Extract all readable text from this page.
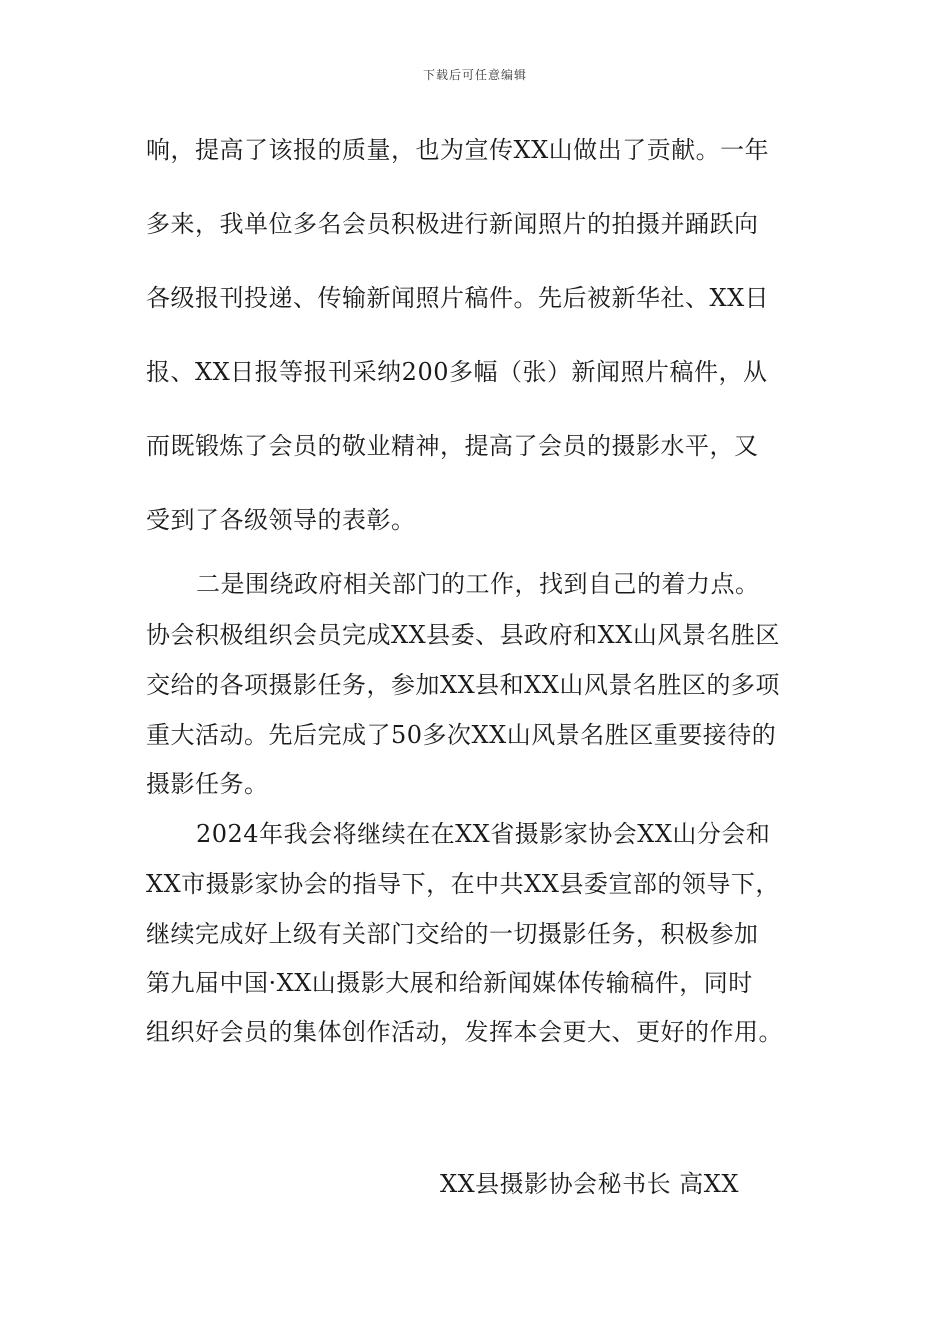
下载后可任意编辑
响，提高了该报的质量，也为宣传XX山做出了贡献。一年
多来，我单位多名会员积极进行新闻照片的拍摄并踊跃向
各级报刊投递、传输新闻照片稿件。先后被新华社、XX日
报、XX日报等报刊采纳200多幅（张）新闻照片稿件，从
而既锻炼了会员的敬业精神，提高了会员的摄影水平，又
受到了各级领导的表彰。
二是围绕政府相关部门的工作，找到自己的着力点。
协会积极组织会员完成XX县委、县政府和XX山风景名胜区
交给的各项摄影任务，参加XX县和XX山风景名胜区的多项
重大活动。先后完成了50多次XX山风景名胜区重要接待的
摄影任务。
2024年我会将继续在在XX省摄影家协会XX山分会和
XX市摄影家协会的指导下，在中共XX县委宣部的领导下，
继续完成好上级有关部门交给的一切摄影任务，积极参加
第九届中国·XX山摄影大展和给新闻媒体传输稿件，同时
组织好会员的集体创作活动，发挥本会更大、更好的作用。
XX县摄影协会秘书长 高XX
